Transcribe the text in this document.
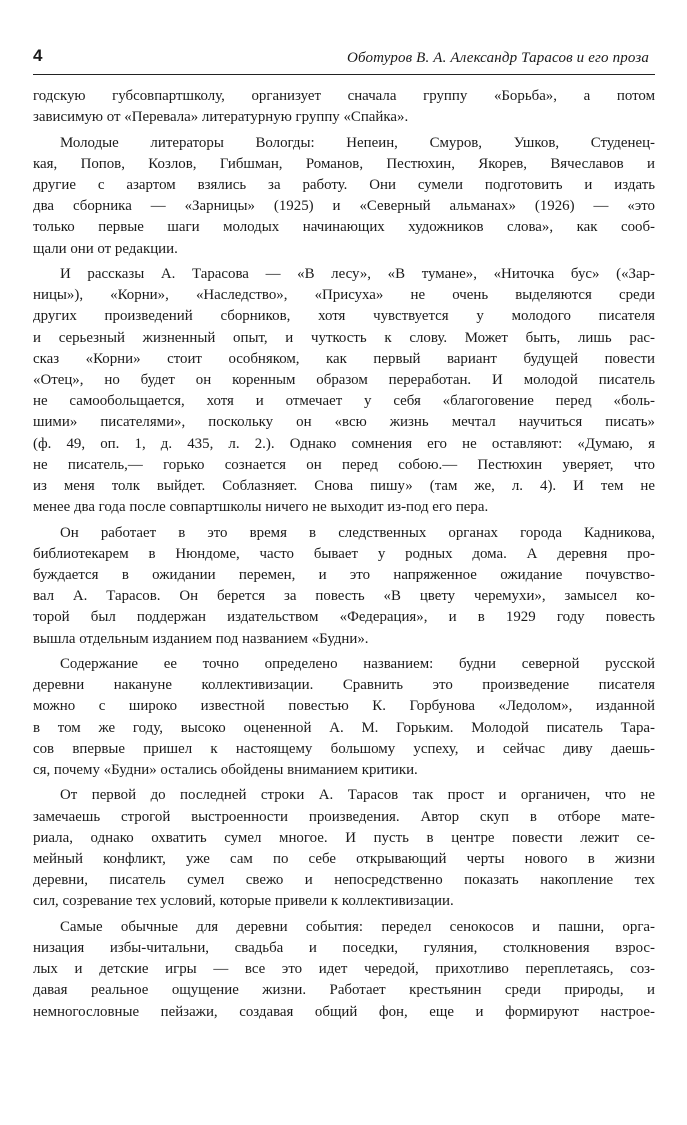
4	Оботуров В. А. Александр Тарасов и его проза
годскую губсовпартшколу, организует сначала группу «Борьба», а потом
зависимую от «Перевала» литературную группу «Спайка».
Молодые литераторы Вологды: Непеин, Смуров, Ушков, Студенец-
кая, Попов, Козлов, Гибшман, Романов, Пестюхин, Якорев, Вячеславов и
другие с азартом взялись за работу. Они сумели подготовить и издать
два сборника — «Зарницы» (1925) и «Северный альманах» (1926) — «это
только первые шаги молодых начинающих художников слова», как сооб-
щали они от редакции.
И рассказы А. Тарасова — «В лесу», «В тумане», «Ниточка бус» («Зар-
ницы»), «Корни», «Наследство», «Присуха» не очень выделяются среди
других произведений сборников, хотя чувствуется у молодого писателя
и серьезный жизненный опыт, и чуткость к слову. Может быть, лишь рас-
сказ «Корни» стоит особняком, как первый вариант будущей повести
«Отец», но будет он коренным образом переработан. И молодой писатель
не самообольщается, хотя и отмечает у себя «благоговение перед «боль-
шими» писателями», поскольку он «всю жизнь мечтал научиться писать»
(ф. 49, оп. 1, д. 435, л. 2.). Однако сомнения его не оставляют: «Думаю, я
не писатель,— горько сознается он перед собою.— Пестюхин уверяет, что
из меня толк выйдет. Соблазняет. Снова пишу» (там же, л. 4). И тем не
менее два года после совпартшколы ничего не выходит из-под его пера.
Он работает в это время в следственных органах города Кадникова,
библиотекарем в Нюндоме, часто бывает у родных дома. А деревня про-
буждается в ожидании перемен, и это напряженное ожидание почувство-
вал А. Тарасов. Он берется за повесть «В цвету черемухи», замысел ко-
торой был поддержан издательством «Федерация», и в 1929 году повесть
вышла отдельным изданием под названием «Будни».
Содержание ее точно определено названием: будни северной русской
деревни накануне коллективизации. Сравнить это произведение писателя
можно с широко известной повестью К. Горбунова «Ледолом», изданной
в том же году, высоко оцененной А. М. Горьким. Молодой писатель Тара-
сов впервые пришел к настоящему большому успеху, и сейчас диву даешь-
ся, почему «Будни» остались обойдены вниманием критики.
От первой до последней строки А. Тарасов так прост и органичен, что не
замечаешь строгой выстроенности произведения. Автор скуп в отборе мате-
риала, однако охватить сумел многое. И пусть в центре повести лежит се-
мейный конфликт, уже сам по себе открывающий черты нового в жизни
деревни, писатель сумел свежо и непосредственно показать накопление тех
сил, созревание тех условий, которые привели к коллективизации.
Самые обычные для деревни события: передел сенокосов и пашни, орга-
низация избы-читальни, свадьба и поседки, гуляния, столкновения взрос-
лых и детские игры — все это идет чередой, прихотливо переплетаясь, соз-
давая реальное ощущение жизни. Работает крестьянин среди природы, и
немногословные пейзажи, создавая общий фон, еще и формируют настрое-
